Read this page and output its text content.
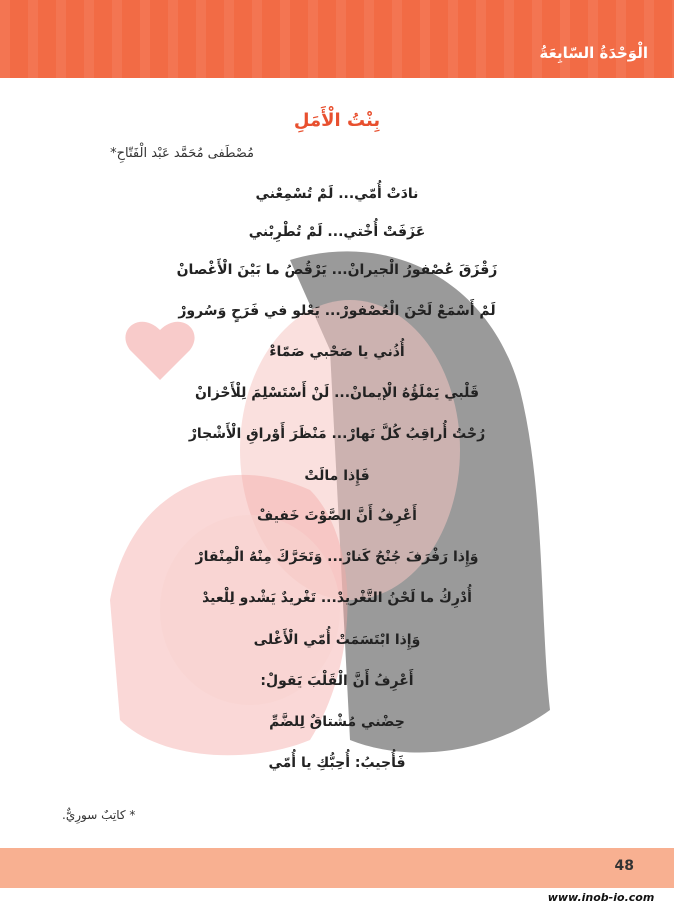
الْوَحْدَةُ السّابِعَةُ
بِنْتُ الْأَمَلِ
مُصْطَفى مُحَمَّد عَبْد الْفَتّاحِ*
نادَتْ أُمّي... لَمْ تُسْمِعْني
عَزَفَتْ أُخْتي... لَمْ تُطْرِبْني
زَقْزَقَ عُصْفورُ الْجيرانْ... يَرْقُصُ ما بَيْنَ الْأَغْصانْ
لَمْ أَسْمَعْ لَحْنَ الْعُصْفورْ... يَعْلو في فَرَحٍ وَسُرورْ
أُذُني يا صَحْبي صَمّاءْ
قَلْبي يَمْلَؤُهُ الْإيمانْ... لَنْ أَسْتَسْلِمَ لِلْأَحْزانْ
رُحْتُ أُراقِبُ كُلَّ نَهارْ... مَنْظَرَ أَوْراقِ الْأَشْجارْ
فَإِذا مالَتْ
أَعْرِفُ أَنَّ الصَّوْتَ خَفيفْ
وَإِذا رَفْرَفَ جُنْحُ كَنارْ... وَتَحَرَّكَ مِنْهُ الْمِنْقارْ
أُدْرِكُ ما لَحْنُ التَّغْريدْ... تَغْريدٌ يَشْدو لِلْعيدْ
وَإِذا ابْتَسَمَتْ أُمّي الْأَغْلى
أَعْرِفُ أَنَّ الْقَلْبَ يَقولْ:
حِضْني مُشْتاقٌ لِلضَّمِّ
فَأُجيبُ: أُحِبُّكِ يا أُمّي
* كاتِبٌ سورِيٌّ.
48
www.inob-io.com
